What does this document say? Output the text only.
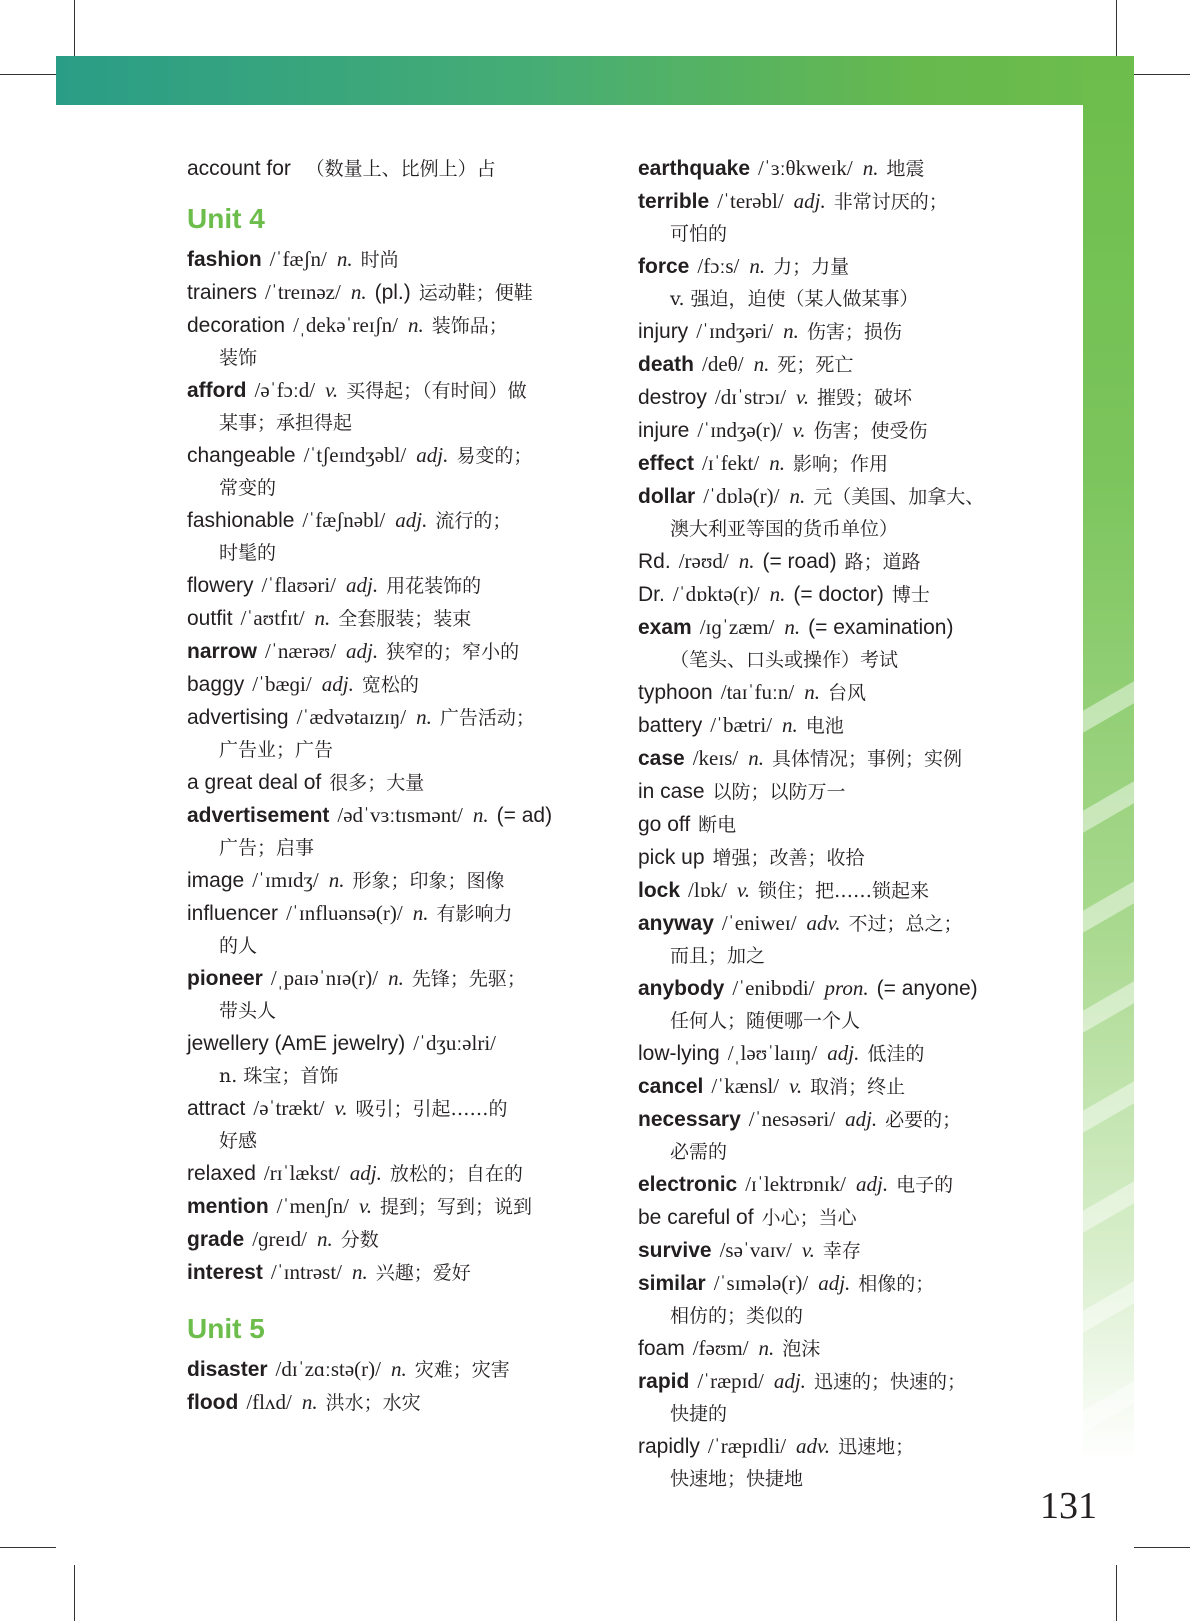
account for （数量上、比例上）占

Unit 4

fashion /ˈfæʃn/ n. 时尚

trainers /ˈtreɪnəz/ n. (pl.) 运动鞋；便鞋

decoration /ˌdekəˈreɪʃn/ n. 装饰品；
装饰

afford /əˈfɔːd/ v. 买得起；（有时间）做
某事；承担得起

changeable /ˈtʃeɪndʒəbl/ adj. 易变的；
常变的

fashionable /ˈfæʃnəbl/ adj. 流行的；
时髦的

flowery /ˈflaʊəri/ adj. 用花装饰的

outfit /ˈaʊtfɪt/ n. 全套服装；装束

narrow /ˈnærəʊ/ adj. 狭窄的；窄小的

baggy /ˈbæɡi/ adj. 宽松的

advertising /ˈædvətaɪzɪŋ/ n. 广告活动；
广告业；广告

a great deal of 很多；大量

advertisement /ədˈvɜːtɪsmənt/ n. (= ad)
广告；启事

image /ˈɪmɪdʒ/ n. 形象；印象；图像

influencer /ˈɪnfluənsə(r)/ n. 有影响力
的人

pioneer /ˌpaɪəˈnɪə(r)/ n. 先锋；先驱；
带头人

jewellery (AmE jewelry) /ˈdʒuːəlri/
n. 珠宝；首饰

attract /əˈtrækt/ v. 吸引；引起……的
好感

relaxed /rɪˈlækst/ adj. 放松的；自在的

mention /ˈmenʃn/ v. 提到；写到；说到

grade /ɡreɪd/ n. 分数

interest /ˈɪntrəst/ n. 兴趣；爱好

Unit 5

disaster /dɪˈzɑːstə(r)/ n. 灾难；灾害

flood /flʌd/ n. 洪水；水灾

earthquake /ˈɜːθkweɪk/ n. 地震

terrible /ˈterəbl/ adj. 非常讨厌的；
可怕的

force /fɔːs/ n. 力；力量
v. 强迫，迫使（某人做某事）

injury /ˈɪndʒəri/ n. 伤害；损伤

death /deθ/ n. 死；死亡

destroy /dɪˈstrɔɪ/ v. 摧毁；破坏

injure /ˈɪndʒə(r)/ v. 伤害；使受伤

effect /ɪˈfekt/ n. 影响；作用

dollar /ˈdɒlə(r)/ n. 元（美国、加拿大、
澳大利亚等国的货币单位）

Rd. /rəʊd/ n. (= road) 路；道路

Dr. /ˈdɒktə(r)/ n. (= doctor) 博士

exam /ɪɡˈzæm/ n. (= examination)
（笔头、口头或操作）考试

typhoon /taɪˈfuːn/ n. 台风

battery /ˈbætri/ n. 电池

case /keɪs/ n. 具体情况；事例；实例

in case 以防；以防万一

go off 断电

pick up 增强；改善；收拾

lock /lɒk/ v. 锁住；把……锁起来

anyway /ˈeniweɪ/ adv. 不过；总之；
而且；加之

anybody /ˈenibɒdi/ pron. (= anyone)
任何人；随便哪一个人

low-lying /ˌləʊˈlaɪɪŋ/ adj. 低洼的

cancel /ˈkænsl/ v. 取消；终止

necessary /ˈnesəsəri/ adj. 必要的；
必需的

electronic /ɪˈlektrɒnɪk/ adj. 电子的

be careful of 小心；当心

survive /səˈvaɪv/ v. 幸存

similar /ˈsɪmələ(r)/ adj. 相像的；
相仿的；类似的

foam /fəʊm/ n. 泡沫

rapid /ˈræpɪd/ adj. 迅速的；快速的；
快捷的

rapidly /ˈræpɪdli/ adv. 迅速地；
快速地；快捷地

131
